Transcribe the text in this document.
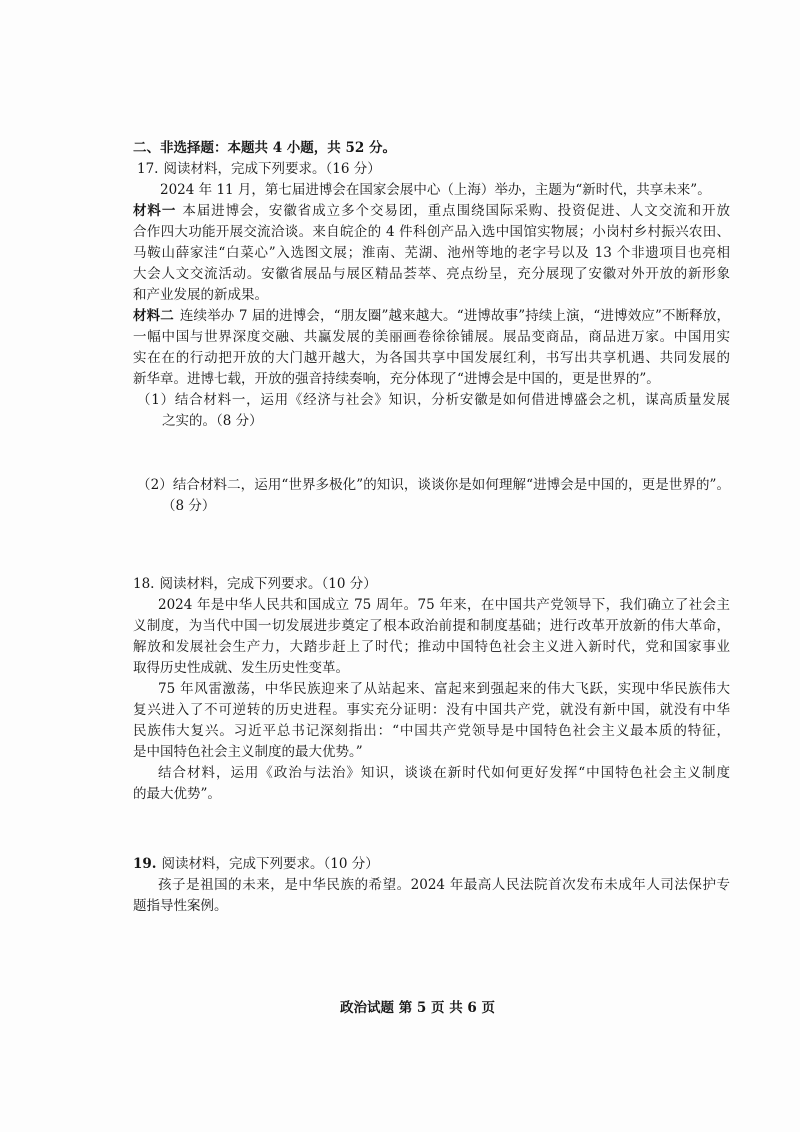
二、非选择题：本题共 4 小题，共 52 分。
17. 阅读材料，完成下列要求。（16 分）
2024 年 11 月，第七届进博会在国家会展中心（上海）举办，主题为“新时代，共享未来”。
材料一 本届进博会，安徽省成立多个交易团，重点围绕国际采购、投资促进、人文交流和开放
合作四大功能开展交流洽谈。来自皖企的 4 件科创产品入选中国馆实物展；小岗村乡村振兴农田、
马鞍山薛家洼“白菜心”入选图文展；淮南、芜湖、池州等地的老字号以及 13 个非遗项目也亮相
大会人文交流活动。安徽省展品与展区精品荟萃、亮点纷呈，充分展现了安徽对外开放的新形象
和产业发展的新成果。
材料二 连续举办 7 届的进博会，“朋友圈”越来越大。“进博故事”持续上演，“进博效应”不断释放，
一幅中国与世界深度交融、共赢发展的美丽画卷徐徐铺展。展品变商品，商品进万家。中国用实
实在在的行动把开放的大门越开越大，为各国共享中国发展红利，书写出共享机遇、共同发展的
新华章。进博七载，开放的强音持续奏响，充分体现了“进博会是中国的，更是世界的”。
（1）结合材料一，运用《经济与社会》知识，分析安徽是如何借进博盛会之机，谋高质量发展
之实的。（8 分）
（2）结合材料二，运用“世界多极化”的知识，谈谈你是如何理解“进博会是中国的，更是世界的”。
（8 分）
18. 阅读材料，完成下列要求。（10 分）
2024 年是中华人民共和国成立 75 周年。75 年来，在中国共产党领导下，我们确立了社会主
义制度，为当代中国一切发展进步奠定了根本政治前提和制度基础；进行改革开放新的伟大革命，
解放和发展社会生产力，大踏步赶上了时代；推动中国特色社会主义进入新时代，党和国家事业
取得历史性成就、发生历史性变革。
75 年风雷激荡，中华民族迎来了从站起来、富起来到强起来的伟大飞跃，实现中华民族伟大
复兴进入了不可逆转的历史进程。事实充分证明：没有中国共产党，就没有新中国，就没有中华
民族伟大复兴。习近平总书记深刻指出：“中国共产党领导是中国特色社会主义最本质的特征，
是中国特色社会主义制度的最大优势。”
结合材料，运用《政治与法治》知识，谈谈在新时代如何更好发挥“中国特色社会主义制度
的最大优势”。
19. 阅读材料，完成下列要求。（10 分）
孩子是祖国的未来，是中华民族的希望。2024 年最高人民法院首次发布未成年人司法保护专
题指导性案例。
政治试题 第 5 页 共 6 页
